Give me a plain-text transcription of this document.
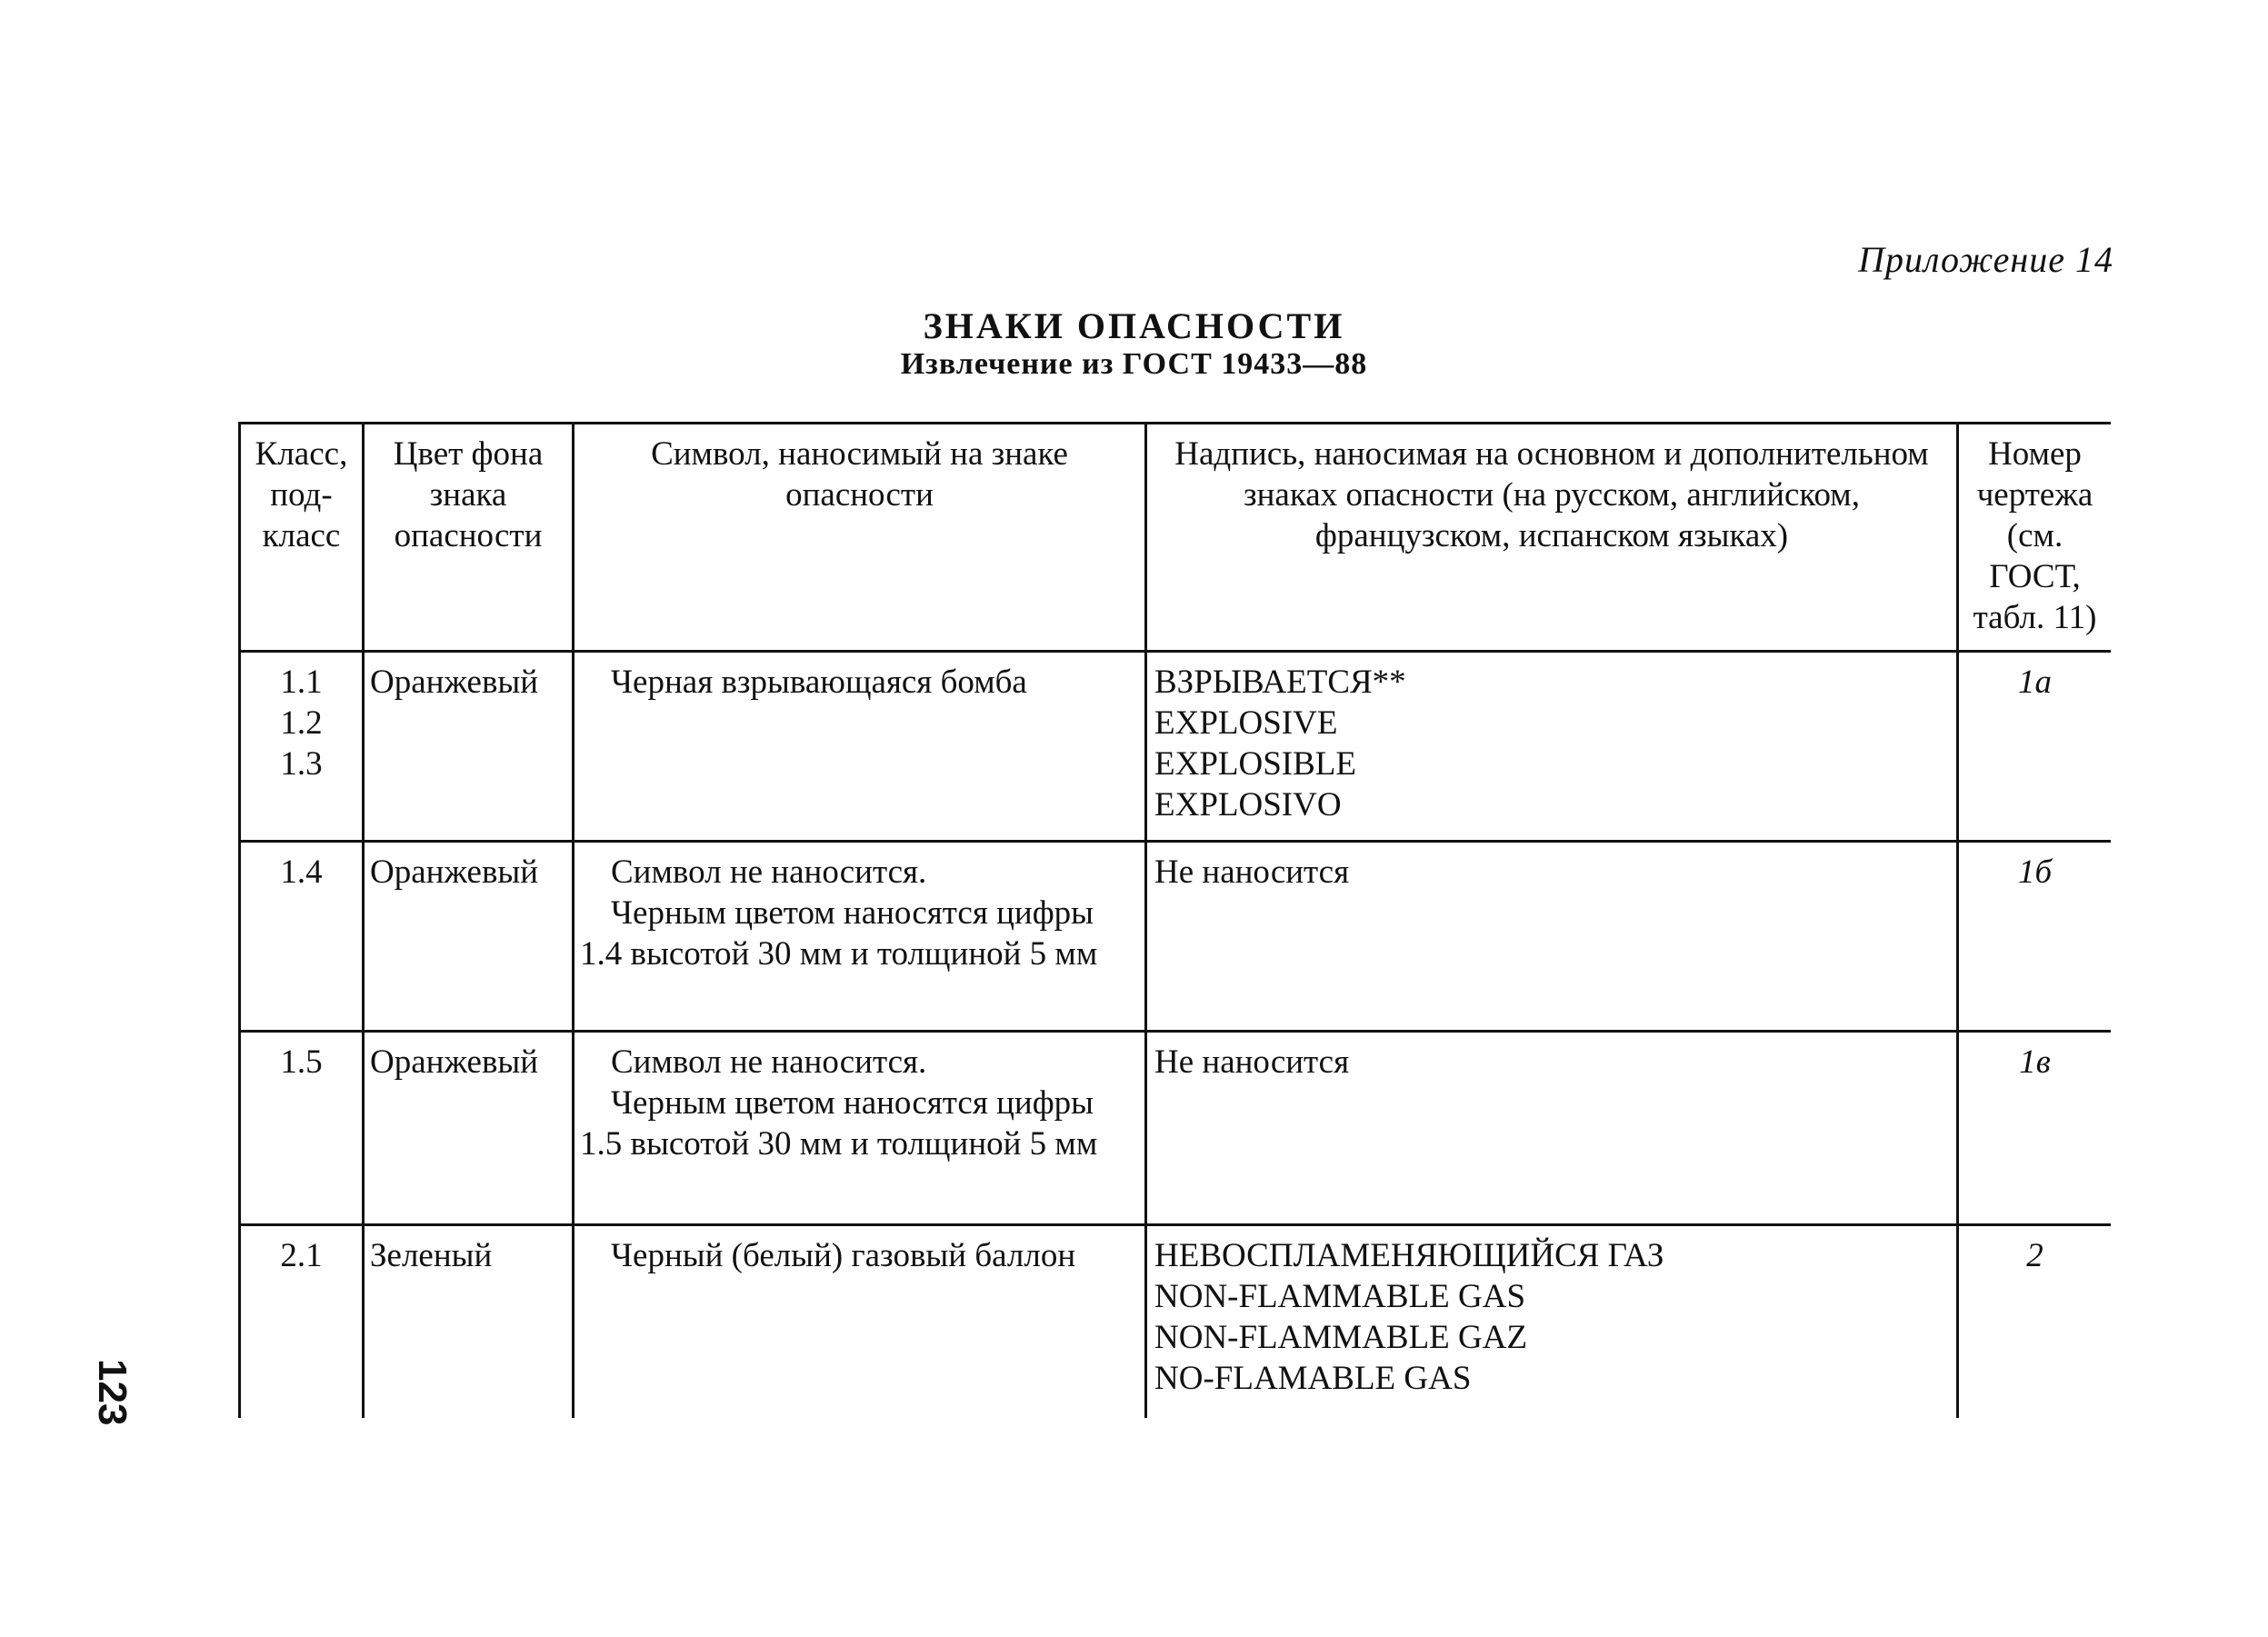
Приложение 14
ЗНАКИ ОПАСНОСТИ
Извлечение из ГОСТ 19433—88
Класс, под-класс	Цвет фона знака опасности	Символ, наносимый на знаке опасности	Надпись, наносимая на основном и дополнительном знаках опасности (на русском, английском, французском, испанском языках)	Номер чертежа (см. ГОСТ, табл. 11)

1.1
1.2
1.3	Оранжевый	Черная взрывающаяся бомба	ВЗРЫВАЕТСЯ**
EXPLOSIVE
EXPLOSIBLE
EXPLOSIVO	1а

1.4	Оранжевый	Символ не наносится.
Черным цветом наносятся цифры 1.4 высотой 30 мм и толщиной 5 мм	Не наносится	1б

1.5	Оранжевый	Символ не наносится.
Черным цветом наносятся цифры 1.5 высотой 30 мм и толщиной 5 мм	Не наносится	1в

2.1	Зеленый	Черный (белый) газовый баллон	НЕВОСПЛАМЕНЯЮЩИЙСЯ ГАЗ
NON-FLAMMABLE GAS
NON-FLAMMABLE GAZ
NO-FLAMABLE GAS	2
123
